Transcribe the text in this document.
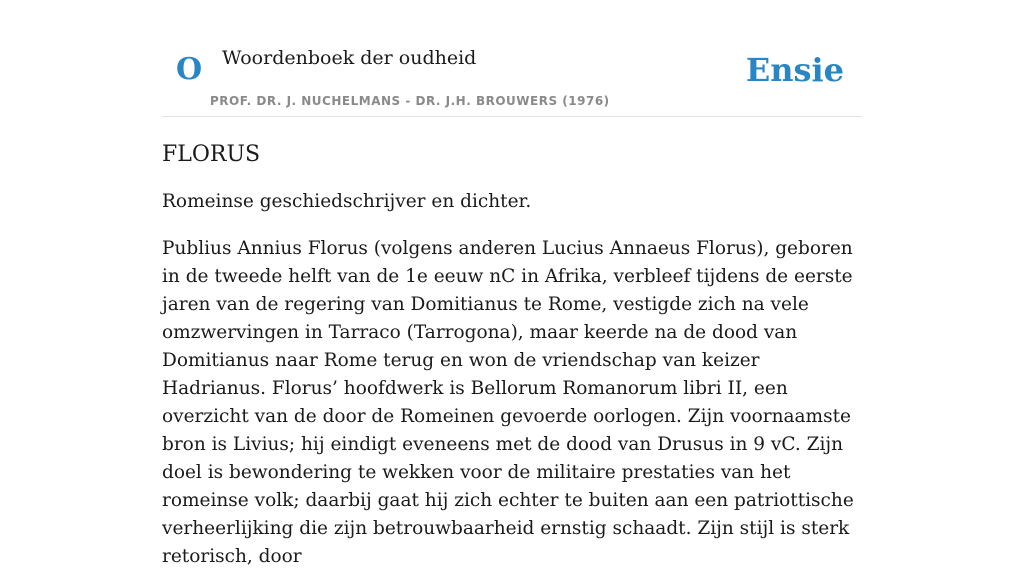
O Woordenboek der oudheid
PROF. DR. J. NUCHELMANS - DR. J.H. BROUWERS (1976)
Ensie
FLORUS

Romeinse geschiedschrijver en dichter.

Publius Annius Florus (volgens anderen Lucius Annaeus Florus), geboren in de tweede helft van de 1e eeuw nC in Afrika, verbleef tijdens de eerste jaren van de regering van Domitianus te Rome, vestigde zich na vele omzwervingen in Tarraco (Tarrogona), maar keerde na de dood van Domitianus naar Rome terug en won de vriendschap van keizer Hadrianus. Florus’ hoofdwerk is Bellorum Romanorum libri II, een overzicht van de door de Romeinen gevoerde oorlogen. Zijn voornaamste bron is Livius; hij eindigt eveneens met de dood van Drusus in 9 vC. Zijn doel is bewondering te wekken voor de militaire prestaties van het romeinse volk; daarbij gaat hij zich echter te buiten aan een patriottische verheerlijking die zijn betrouwbaarheid ernstig schaadt. Zijn stijl is sterk retorisch, door
